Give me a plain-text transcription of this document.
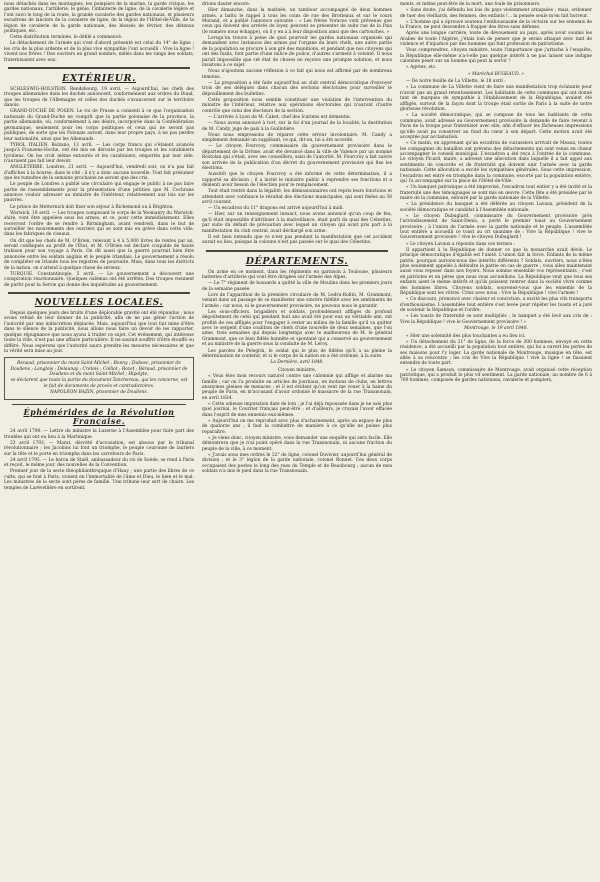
nous détachés dans les montagnes, les pompiers de la marine, la garde civique, les gardes nationaux, l'artillerie, le génie, l'infanterie de ligne, de la cavalerie légère et l'ont suivi le long de la route, la grande cavalerie des gardes nationaux, et plusieurs escadrons de lanciers de la cavalerie de ligne, de la légion de l'Hôtel-de-Ville, de la légion de cavalerie de la garde nationale, des blessés de février, des détenus politiques, etc.

Cette distribution terminée, le défilé a commencé.

Le détachement de l'armée qui s'est d'abord présenté est celui du 14° de ligne ; les cris de la plus ardente et de la plus vive sympathie l'ont accueilli : Vive la ligne ! vivent nos frères ! Des ouvriers en grand nombre, mêlés dans les rangs des soldats, fraternisaient avec eux.

EXTÉRIEUR.

SCHLESWIG-HOLSTEIN. Rendsbourg, 19 avril. — Aujourd'hui, les chefs des troupes allemandes dans les duchés annoncent, conformément aux ordres du Bund, que les troupes de l'Allemagne et celles des duchés s'avanceront sur le territoire danois.

GRAND-DUCHÉ DE POSEN. Le roi de Prusse a consenti à ce que l'organisation nationale du Grand-Duché ne comprît que la partie polonaise de la province, la partie allemande, où, conformément à ses désirs, incorporée dans la Confédération germanique, seulement pour les corps politiques et ceux qui ne seront pas publiques, de sorte que les Polonais auront, dans leur propre pays, à ne pas perdre leur nationalité, ainsi que les Allemands.

TYROL ITALIEN. Bolzano, 13 avril. — Les corps francs qui s'étaient avancés jusqu'à Franzens-Hoche, ont été mis en déroute par les troupes et les carabiniers tyroliens. On les croit même entourés et les carabiniers, emportés par leur zèle, n'auraient pas fait leur devoir.

ANGLETERRE. Londres, 21 avril. — Aujourd'hui, vendredi soir, on n'a pas fait d'affiches à la bourse, dans le cité ; il n'y a donc aucune nouvelle. Tout fait présumer que les tumultes de la semaine prochaine ne seront que des cris.

Le peuple de Londres a publié une circulaire qui engage le public à ne pas faire partie de rassemblements pour la présentation d'une pétition que M. Cochrane annonce vouloir adresser au ministre de l'intérieur, relativement aux lois sur les pauvres.

Le prince de Metternich doit fixer son séjour à Richemond ou à Brighton.

Warwick, 19 avril. — Les troupes composant le corps de la Yeomanry du Warwick-shire, vont être appelées sous les armes, et ce, pour cette immédiatement. Elles recevront l'ordre de se rendre à Birmingham, avant vendredi, dans le but de surveiller les mouvements des ouvriers qui se sont mis en grève dans cette ville, dans les fabriques de ciseaux.

On dit que les chefs de M. O'Brien, relevant à 4 à 5,000 livres de rentes par an, seront confisqués au profit de l'État, et M. O'Brien est déclaré coupable de haute trahison pour son voyage à Paris. On dit aussi que la guerre pourrait bien être annoncée entre les soldats anglais et le peuple irlandais. Le gouvernement a résolu de compléter en Irlande tous les registres de poursuite. Mais, dans tous les districts de la nation, on s'attend à quelque chose de sérieux.

TURQUIE. Constantinople, 5 avril. — Le gouvernement a découvert une conspiration réactionnaire. Quelques oulémas ont été arrêtés. Des troupes viennent de partir pour la Servie qui donne des inquiétudes au gouvernement.

NOUVELLES LOCALES.

Depuis quelques jours des bruits d'une déplorable gravité ont été répandus ; nous avons refusé de leur donner de la publicité, afin de ne pas gêner l'action de l'autorité par une indiscrétion déplacée. Mais, aujourd'hui que tout fait mine d'être dans le silence de la publicité, nous allons nous faire un devoir de les rapporter, quelque répugnance que nous ayons à traiter ce sujet. Cet événement, qui intéresse toute la ville, n'est pas une affaire particulière. Il ne saurait souffrir d'être étouffé ou différé. Nous espérons que l'autorité saura prendre les mesures nécessaires et que la vérité sera mise au jour.

Renaud, prisonnier du mont Saint-Michel ; Bonny ; Dubosc, prisonnier de Doullens ; Langlois ; Delaunay ; Crétois ; Colliot ; Rozet ; Béraud, prisonnier de Doullens et du mont Saint-Michel ; Hipolyte,

se déclarent que toute la partie du document-Tanchereau, qui les concerne, est le fait de documents de procès et contradictoires.

NAPOLÉON BAZIN, prisonnier de Doullens.

Éphémérides de la Révolution Française.

24 avril 1790. — Lettre du ministre la Luzerne à l'Assemblée pour faire part des troubles qui ont eu lieu à la Martinique.

23 avril 1793. — Marat, décrété d'accusation, est absous par le tribunal révolutionnaire ; les Jacobins lui font un triomphe, le peuple couronne de lauriers sur la tête et le porte en triomphe dans les carrefours de Paris.

24 avril 1795. — Le baron de Staël, ambassadeur du roi de Suède, se rend à Paris et reçoit, le même jour, des nouvelles de la Convention.

Premier jour de la secte théophilanthropique d'Hauy ; une partie des libres de ce culte, qui se font à Paris, croient en l'immortalité de l'âme et Dieu, le bien et le mal. Les ministres de la secte sont pères de famille. Une tribune leur sert de chaire. Les temples de Larévellière en sortirent.

drions dauter encore.

Hier dimanche, dans la matinée, un tambour accompagné de deux hommes armés, a battu le rappel à tous les coins de rue des Brotteaux et sur le cours Morand, et a publié l'annonce suivante : « Les frères Voraces vont prévenus que ceux qui doivent des arrérés de loyer, peuvent se présenter de suite rue de la Paix (le numéro nous échappe), où il y en a à leur disposition ainsi que des cartouches. »

Lorsqu'on trouve à peine de quoi pourvoir les gardes nationaux organisés qui demandent avec instances des armes par l'organe du leurs chefs, une autre partie de la population se procure à son gré des munitions, et pendant que nos citoyens qui ont des fusils, font partie d'une milice de police, d'autres s'arment à volonté. Il nous paraît impossible que cet état de choses ne reçoive une prompte solution, et nous insistons à ce sujet.

Nous n'ajoutons aucune réflexion à ce fait qui nous est affirmé par de nombreux témoins.

— La proposition a été faite aujourd'hui au club central démocratique d'envoyer trois de ses délégués dans chacun des sections électorales pour surveiller le dépouillement des bulletins.

Cette proposition nous semble constituer une violation de l'intervention du ministre de l'intérieur, relative aux opérations électorales qui n'auront d'autre contrôle que celui des électeurs de la section.

— L'arrivée à Lyon de M. Cabet, chef des Icariens est démentie.

— Nous avons annoncé à tort, sur la foi d'un journal de la localité, la destitution de M. Candy, juge de paix à la Guillotière.

Nous nous empressons de réparer cette erreur involontaire. M. Candy a simplement demandé un suppléant, ce qui, dit-on, lui a été accordé.

— Le citoyen Fourcroy, commissaire du gouvernement provisoire dans le département de la Drôme, avait été devancé dans la ville de Valence par un nommé Rostolan qui s'était, avec ses conseillers, saisi de l'autorité. M. Fourcroy a fait suivre son arrivée de la publication d'un décret du gouvernement provisoire qui fixe les élections.

Aussitôt que le citoyen Fourcroy a été informé de cette détermination, il a rapporté sa décision ; il a invité le ministre public à reprendre ses fonctions et a démenti avoir besoin de l'élection pour le remplacement.

Tout était rentré dans la légalité, les démissionnaires ont repris leurs fonctions et attendent avec confiance le résultat des élections municipales, qui sont fixées au 30 avril courant.

— Un escadron du 11° dragons est arrivé aujourd'hui à midi.

— Hier, sur un renseignement inexact, nous avons annoncé qu'un coup de feu, qu'il était impossible d'attribuer à la malveillance, était parti du quai des Célestins, par suite du défaut de précaution avec lequel un citoyen qui avait pris part à la manifestation du club central, avait déchargé son arme.

Il est bien entendu que ce n'est pas pendant la manifestation que cet accident aurait eu lieu, puisque la colonne n'est pas passée sur le quai des Célestins.

DÉPARTEMENTS.

On arme en ce moment, dans les régiments en garnison à Toulouse, plusieurs batteries d'artillerie qui vont être dirigées sur l'armée des Alpes.

— Le 7° régiment de hussards a quitté la ville de Moulins dans les premiers jours de la semaine passée.

Lors de l'apparition de la première circulaire de M. Ledru-Rollin, M. Grammont, venant dans un passage de se manifester une sincère fidélité avec les sentiments de l'armée ; car nous, ni le gouvernement provisoire, ne pouvons nous le garantir.

Les sous-officiers, brigadiers et soldats, profondément affligés du profond dégoûtement de celui qui pendant huit ans avait été pour eux un véritable ami, ont profité de ces affligés pour l'engager à rester au milieu de la famille qu'il va quitter avec le sergent d'une coalition de chefs d'une nouvelle de deux semaines, que l'on aime, trois semaines qui depuis longtemps avec le malheureux de M. le général Grammont, que ce bien fidèle honnête et spontané qui a conservé au gouvernement et au ministre de la guerre sous la conduite de M. Leroy.

Les paroles de Pelegrin, le soldat qui le plus de fidèles qu'il a sa pleine la détermination de contenir, et si le corps de la nation en a été ordonné, à la suite.

La Dernière, avril 1848.
Citoyen ministre,

« Vous êtes mon recours naturel contre une calomnie qui afflige et alarme ma famille ; car on l'a produite en articles de journaux, en motions de clubs, en lettres anonymes pleines de menaces ; et il est évident qu'on veut me vouer à la haine du peuple de Paris, en m'accusant d'avoir ordonné le massacre de la rue Transnonain, en avril 1834.

« Cette odieuse imputation date de loin ; je l'ai déjà repoussée dans je ne sais plus quel journal, le Courrier français peut-être ; et d'ailleurs, je croyais l'avoir effacée dans l'esprit de mes ennemis eux-mêmes.

« Aujourd'hui on me reproduit avec plus d'acharnement, après un espace de plus de quatorze ans ; il faut la combattre de manière à ce qu'elle ne puisse plus reparaître.

« Je viens donc, citoyen ministre, vous demander une enquête qui sera facile. Elle démontrera que je n'ai point opéré dans la rue Transnonain, ni aucune fraction du peuple de la ville, à ce moment.

« J'avais sous mes ordres le 32° de ligne, colonel Duvivier, aujourd'hui général de division ; et le 3° légion de la garde nationale, colonel Bonnet. Ces deux corps occupaient des postes le long des rues du Temple et de Beaubourg ; aucun de mes soldats n'a mis le pied dans la rue Transnonain.

ments, et même peut-être de la mort, une foule de prisonniers.

« Sans doute, j'ai défendu les lois du pays violemment attaquées ; mais, ordonner de tuer des vieillards, des femmes, des enfants !... la pensée seule m'en fait horreur.

« L'homme qui a éprouvé soutenu l'enthousiasme de la victoire sur les ennemis de la France, ne peut descendre à frapper des êtres sans défense.

Après une longue carrière, toute de dévouement au pays, après avoir soumis les Arabes de toute l'Algérie, j'étais loin de penser que je serais attaqué avec tant de violence et d'injustice par des hommes qui font profession de patriotisme.

Vous comprendrez, citoyen ministre, toute l'importance que j'attache à l'enquête, la République elle-même n'a-t-elle pas quelque intérêt à ne pas laisser une indigne calomnie peser sur un homme qui peut la servir ?

« Agréez, etc.

« Maréchal BUGEAUD. »

— De notre feuille de La Villette, le 18 avril :

« La commune de La Villette vient de faire une manifestation trop éclatante pour n'avoir pas un grand retentissement. Les habitants de cette commune qui ont donné tant de marques de sympathie à l'établissement de la République, avaient été affligés, surtout de la façon dont la troupe était sortie de Paris à la suite de notre glorieuse révolution.

« La société démocratique, qui se compose de tous les habitants de cette commune, avait adressé au Gouvernement provisoire la demande de faire revenir à Paris de la troupe pour fraterniser avec elle, afin d'effacer les fâcheuses impressions qu'elle avait pu conserver au fond du cœur à son départ. Cette motion avait été acceptée par acclamation.

« Ce matin, en apprenant qu'un escadron de cuirassiers arrivait de Meaux, toutes les compagnies du bataillon ont prévenu des détachements qui sont venus en chœur accompagner le conseil municipal. L'escadron a été reçu à l'entrée de la commune. Le citoyen Picard, maire, a adressé une allocution dans laquelle il a fait appel aux sentiments de concorde et de fraternité qui doivent unir l'armée avec la garde nationale. Cette allocution a excité les sympathies générales. Sous cette impression, l'escadron est entré en triomphe dans la commune, escorté par la population entière, qui l'a accompagné sur la place de l'Hôtel-de-Ville.

« Un banquet patriotique a été improvisé, l'escadron tout entier y a été invité et la fraternité une des témoignages se sont mis en œuvre. Cette fête a été présidée par le maire de la commune, entouré par la garde nationale de la Villette.

« La présidence du banquet a été déférée au citoyen Lavaux, président de la société démocratique et candidat à l'Assemblée nationale.

« Le citoyen Dubuglard, commissaire du Gouvernement provisoire près l'arrondissement de Saint-Denis, a porté le premier toast au Gouvernement provisoire ; à l'union de l'armée avec la garde nationale et le peuple. L'assemblée tout entière a accueilli ce toast au cri unanime de : Vive la République ! vive le Gouvernement provisoire ! vive le citoyen Dubuglard !

« Le citoyen Lavaux a répondu dans ces termes :

Il appartient à la République de donner ce que la monarchie avait dévié. Le principe démocratique d'égalité est l'unité. L'union fait la force. Enfants de la même patrie, pourquoi aurions-nous des intérêts différents ? Soldats, ouvriers, nous n'êtes plus seulement appelés à défendre la patrie en cas de guerre ; vous allez maintenant aussi vous reposer dans nos foyers. Nous somme ensemble vos représentants ; c'est en patriotes et en pères que nous vous accueillons. La République veut que tous ses enfants aient le même intérêt et qu'ils puissent rentrer dans la société vivre comme des hommes libres. Citoyens soldats, souvenez-vous que les ennemis de la République sont les vôtres. Criez avec nous : Vive la République ! vive l'armée !

« Ce discours, prononcé avec chaleur et conviction, a excité les plus vifs transports d'enthousiasme. L'assemblée tout entière s'est levée pour répéter les toasts et a juré de soutenir la République et l'ordre.

« Les toasts de fraternité se sont multipliés ; le banquet a été levé aux cris de : Vive la République ! vive le Gouvernement provisoire ! »

Montrouge, le 19 avril 1848.

« Hier une solennité des plus touchantes a eu lieu ici.

« Un détachement du 21° de ligne, de la force de 300 hommes, envoyé en cette résidence, a été accueilli par la population tout entière, qui lui a ouvert les portes de ses maisons pour l'y loger. La garde nationale de Montrouge, musique en tête, est allée à sa rencontre ; les cris de Vive la République ! vive la ligne ! se faisaient entendre de toute part.

« Le citoyen Samson, commissaire de Montrouge, avait organisé cette réception patriotique, qui a produit le plus vif sentiment. La garde nationale, au nombre de 6 à 700 hommes, composée de gardes nationaux, cavalerie et pompiers,
